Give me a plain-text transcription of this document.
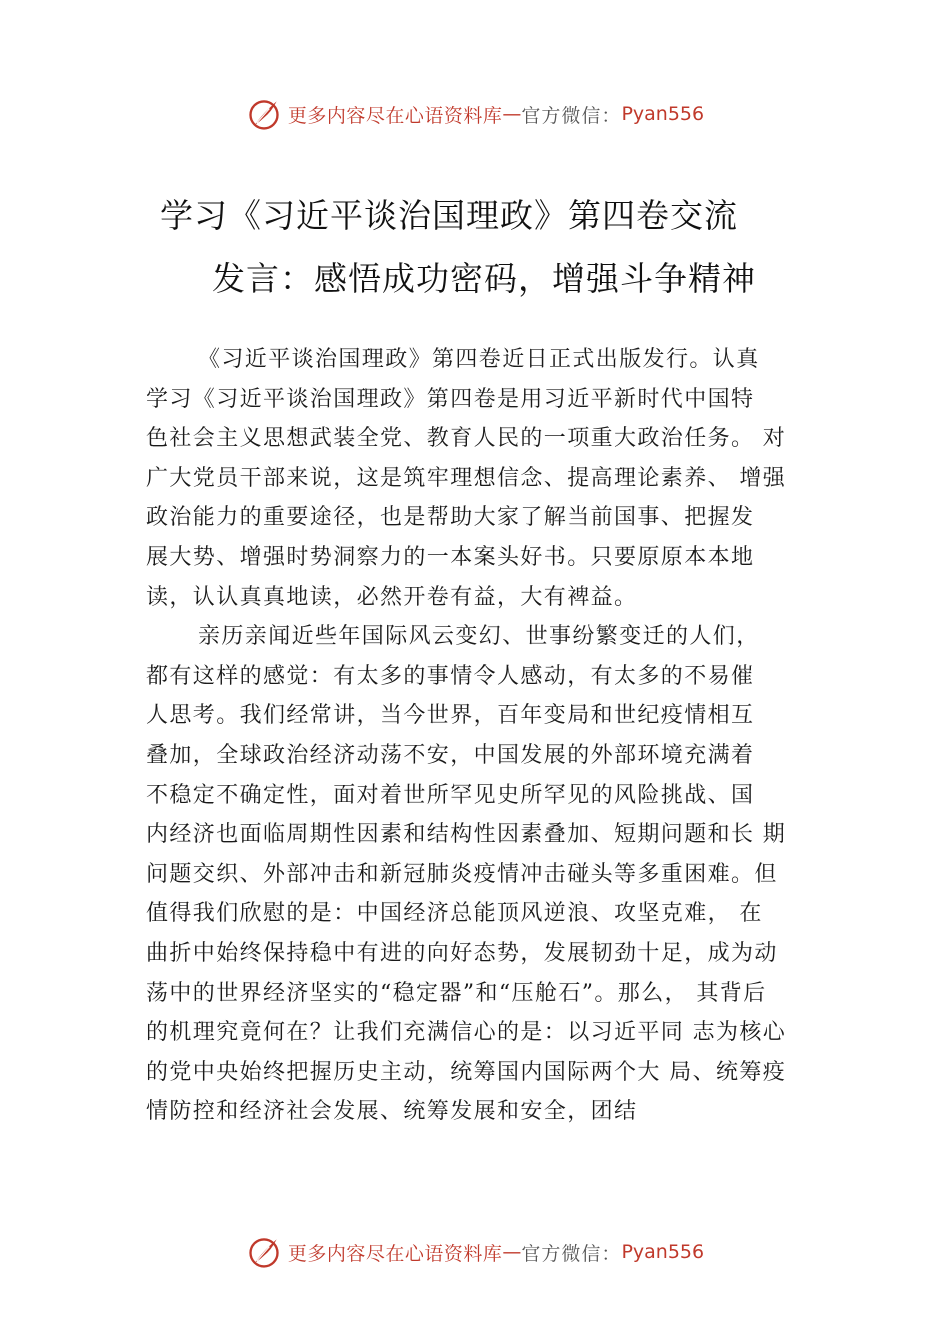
更多内容尽在心语资料库 — 官方微信： Pyan556
学习《习近平谈治国理政》第四卷交流
发言：感悟成功密码，增强斗争精神
《习近平谈治国理政》第四卷近日正式出版发行。认真
学习《习近平谈治国理政》第四卷是用习近平新时代中国特
色社会主义思想武装全党、教育人民的一项重大政治任务。 对
广大党员干部来说，这是筑牢理想信念、提高理论素养、 增强
政治能力的重要途径，也是帮助大家了解当前国事、把握发
展大势、增强时势洞察力的一本案头好书。只要原原本本地
读，认认真真地读，必然开卷有益，大有裨益。
亲历亲闻近些年国际风云变幻、世事纷繁变迁的人们，
都有这样的感觉：有太多的事情令人感动，有太多的不易催
人思考。我们经常讲，当今世界，百年变局和世纪疫情相互
叠加，全球政治经济动荡不安，中国发展的外部环境充满着
不稳定不确定性，面对着世所罕见史所罕见的风险挑战、国
内经济也面临周期性因素和结构性因素叠加、短期问题和长 期
问题交织、外部冲击和新冠肺炎疫情冲击碰头等多重困难。但
值得我们欣慰的是：中国经济总能顶风逆浪、攻坚克难， 在
曲折中始终保持稳中有进的向好态势，发展韧劲十足，成为动
荡中的世界经济坚实的“稳定器”和“压舱石”。那么， 其背后
的机理究竟何在？让我们充满信心的是：以习近平同 志为核心
的党中央始终把握历史主动，统筹国内国际两个大 局、统筹疫
情防控和经济社会发展、统筹发展和安全，团结
更多内容尽在心语资料库 — 官方微信： Pyan556
